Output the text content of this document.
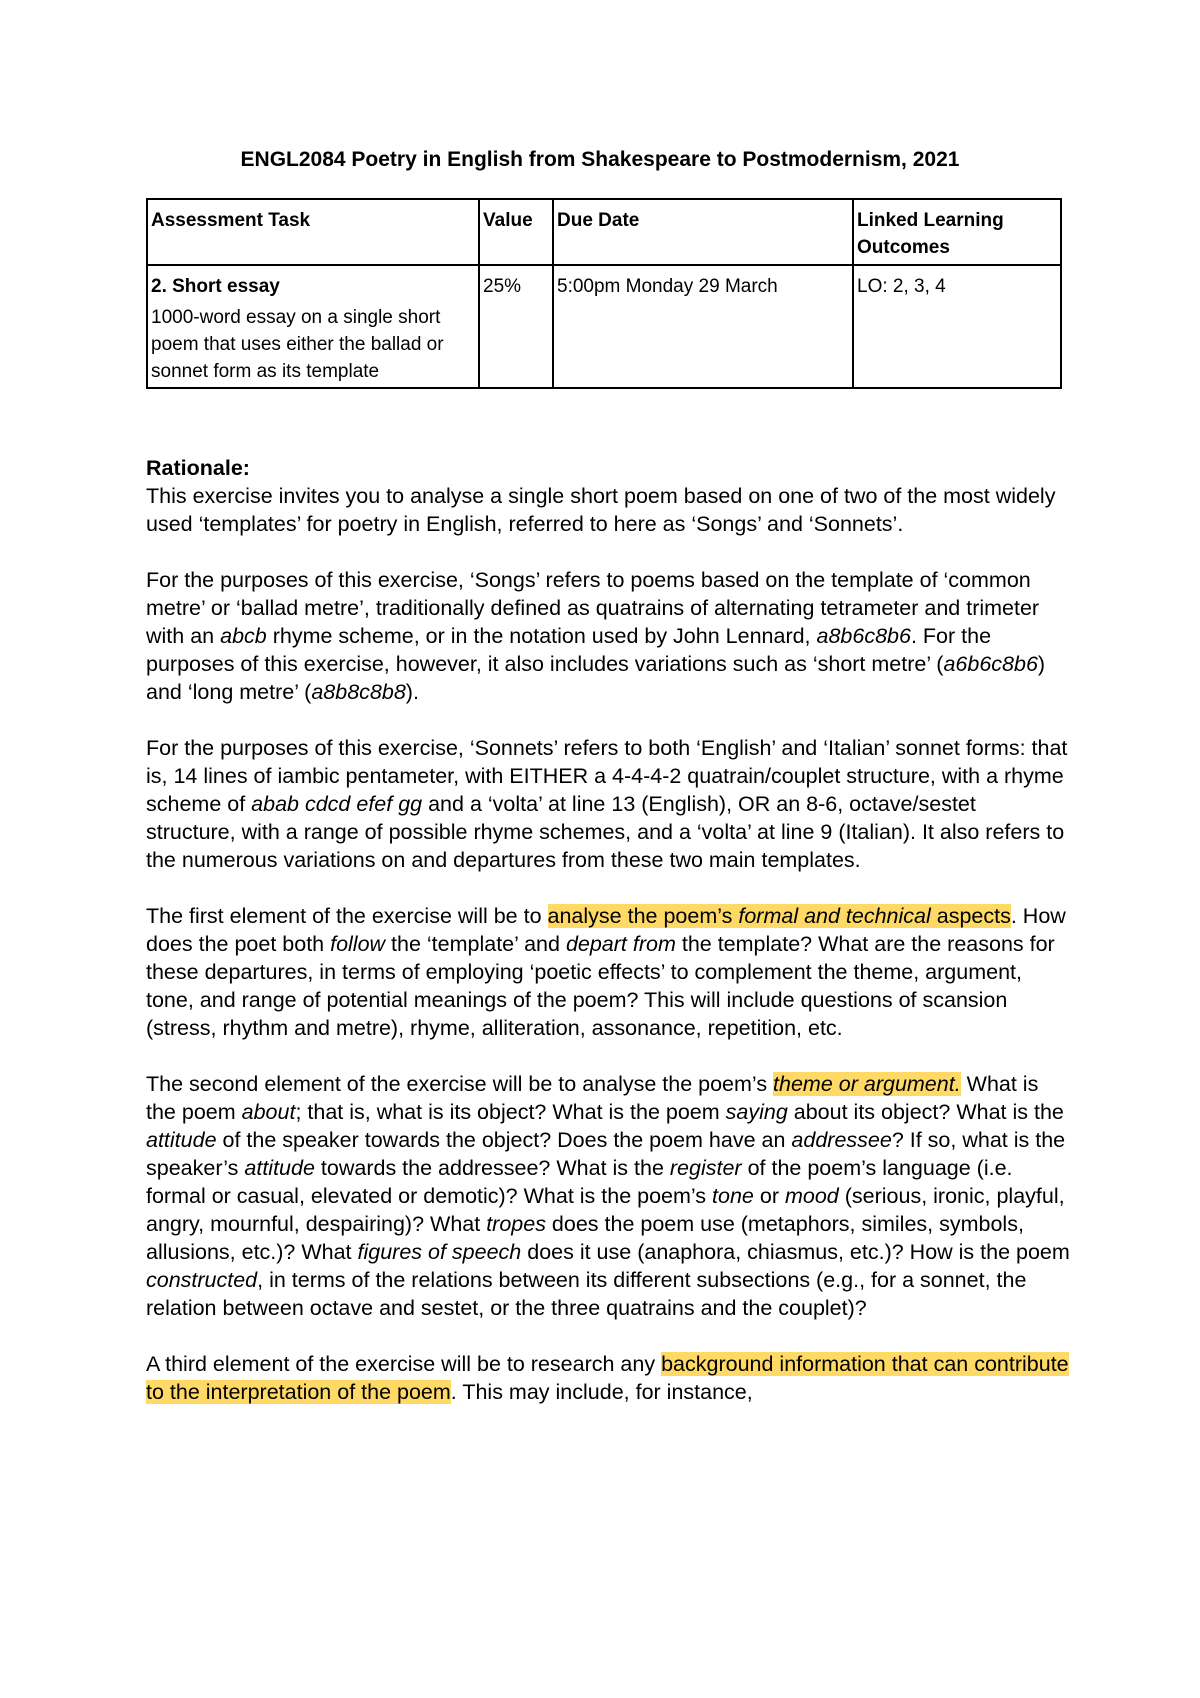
ENGL2084 Poetry in English from Shakespeare to Postmodernism, 2021
Assessment Task	Value	Due Date	Linked Learning Outcomes

2. Short essay
1000-word essay on a single short poem that uses either the ballad or sonnet form as its template	25%	5:00pm Monday 29 March	LO: 2, 3, 4
Rationale:

This exercise invites you to analyse a single short poem based on one of two of the most widely used ‘templates’ for poetry in English, referred to here as ‘Songs’ and ‘Sonnets’.

For the purposes of this exercise, ‘Songs’ refers to poems based on the template of ‘common metre’ or ‘ballad metre’, traditionally defined as quatrains of alternating tetrameter and trimeter with an abcb rhyme scheme, or in the notation used by John Lennard, a8b6c8b6. For the purposes of this exercise, however, it also includes variations such as ‘short metre’ (a6b6c8b6) and ‘long metre’ (a8b8c8b8).

For the purposes of this exercise, ‘Sonnets’ refers to both ‘English’ and ‘Italian’ sonnet forms: that is, 14 lines of iambic pentameter, with EITHER a 4-4-4-2 quatrain/couplet structure, with a rhyme scheme of abab cdcd efef gg and a ‘volta’ at line 13 (English), OR an 8-6, octave/sestet structure, with a range of possible rhyme schemes, and a ‘volta’ at line 9 (Italian). It also refers to the numerous variations on and departures from these two main templates.

The first element of the exercise will be to analyse the poem’s formal and technical aspects. How does the poet both follow the ‘template’ and depart from the template? What are the reasons for these departures, in terms of employing ‘poetic effects’ to complement the theme, argument, tone, and range of potential meanings of the poem? This will include questions of scansion (stress, rhythm and metre), rhyme, alliteration, assonance, repetition, etc.

The second element of the exercise will be to analyse the poem’s theme or argument. What is the poem about; that is, what is its object? What is the poem saying about its object? What is the attitude of the speaker towards the object? Does the poem have an addressee? If so, what is the speaker’s attitude towards the addressee? What is the register of the poem’s language (i.e. formal or casual, elevated or demotic)? What is the poem’s tone or mood (serious, ironic, playful, angry, mournful, despairing)? What tropes does the poem use (metaphors, similes, symbols, allusions, etc.)? What figures of speech does it use (anaphora, chiasmus, etc.)? How is the poem constructed, in terms of the relations between its different subsections (e.g., for a sonnet, the relation between octave and sestet, or the three quatrains and the couplet)?

A third element of the exercise will be to research any background information that can contribute to the interpretation of the poem. This may include, for instance,
